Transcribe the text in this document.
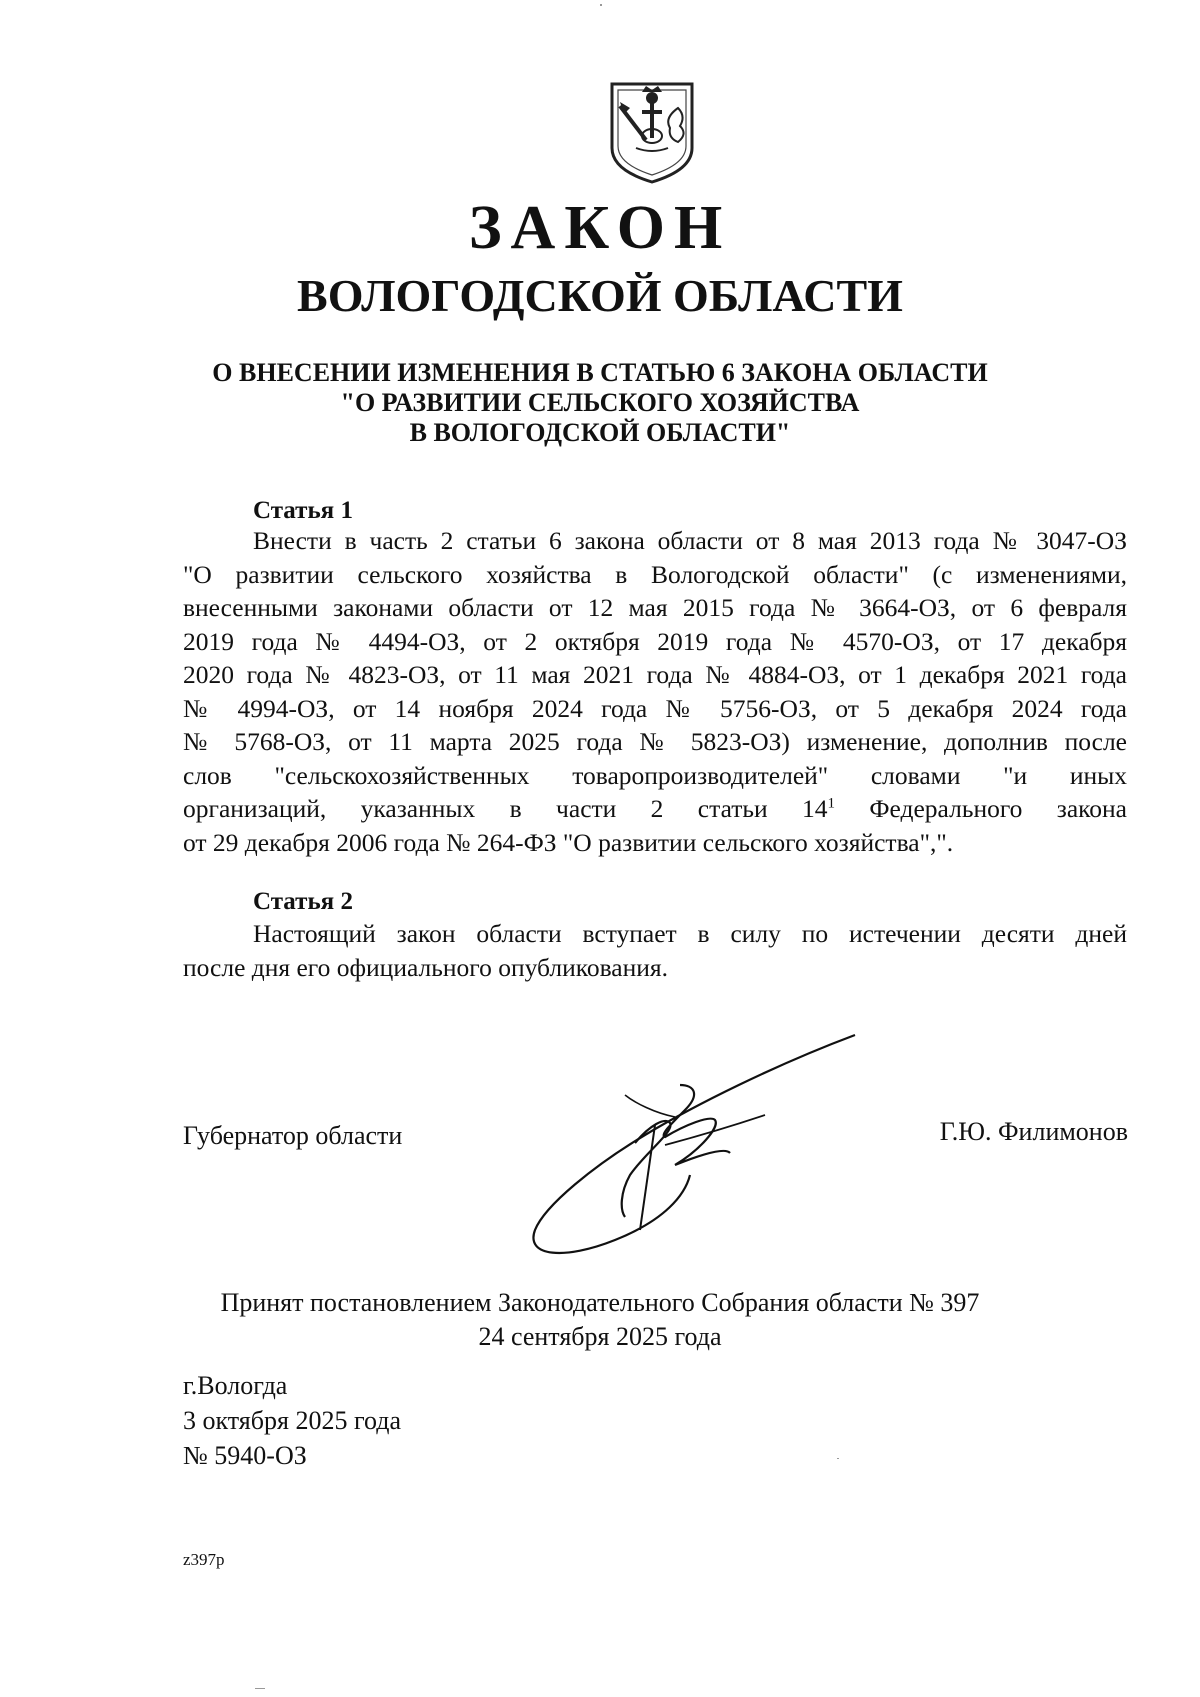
ЗАКОН
ВОЛОГОДСКОЙ ОБЛАСТИ
О ВНЕСЕНИИ ИЗМЕНЕНИЯ В СТАТЬЮ 6 ЗАКОНА ОБЛАСТИ
"О РАЗВИТИИ СЕЛЬСКОГО ХОЗЯЙСТВА
В ВОЛОГОДСКОЙ ОБЛАСТИ"
Статья 1
Внести в часть 2 статьи 6 закона области от 8 мая 2013 года № 3047-ОЗ
"О развитии сельского хозяйства в Вологодской области" (с изменениями,
внесенными законами области от 12 мая 2015 года № 3664-ОЗ, от 6 февраля
2019 года № 4494-ОЗ, от 2 октября 2019 года № 4570-ОЗ, от 17 декабря
2020 года № 4823-ОЗ, от 11 мая 2021 года № 4884-ОЗ, от 1 декабря 2021 года
№ 4994-ОЗ, от 14 ноября 2024 года № 5756-ОЗ, от 5 декабря 2024 года
№ 5768-ОЗ, от 11 марта 2025 года № 5823-ОЗ) изменение, дополнив после
слов "сельскохозяйственных товаропроизводителей" словами "и иных
организаций, указанных в части 2 статьи $14^1$ Федерального закона
от 29 декабря 2006 года № 264-ФЗ "О развитии сельского хозяйства",".
Статья 2
Настоящий закон области вступает в силу по истечении десяти дней
после дня его официального опубликования.
Губернатор области	Г.Ю. Филимонов
Принят постановлением Законодательного Собрания области № 397
24 сентября 2025 года
г.Вологда
3 октября 2025 года
№ 5940-ОЗ
z397р
